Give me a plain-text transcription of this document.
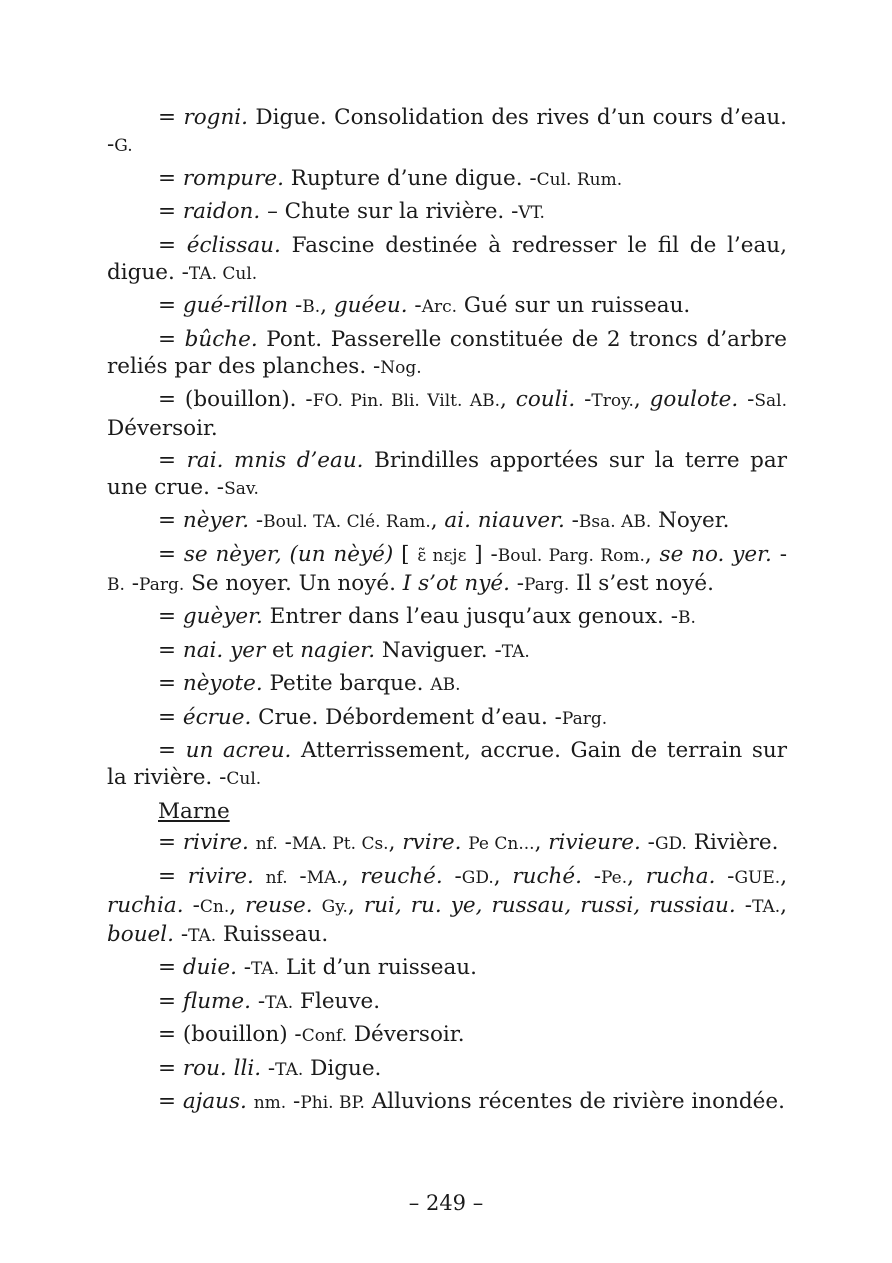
= rogni. Digue. Consolidation des rives d’un cours d’eau. -G.

= rompure. Rupture d’une digue. -Cul. Rum.

= raidon. – Chute sur la rivière. -VT.

= éclissau. Fascine destinée à redresser le fil de l’eau, digue. -TA. Cul.

= gué-rillon -B., guéeu. -Arc. Gué sur un ruisseau.

= bûche. Pont. Passerelle constituée de 2 troncs d’arbre reliés par des planches. -Nog.

= (bouillon). -FO. Pin. Bli. Vilt. AB., couli. -Troy., goulote. -Sal. Déversoir.

= rai. mnis d’eau. Brindilles apportées sur la terre par une crue. -Sav.

= nèyer. -Boul. TA. Clé. Ram., ai. niauver. -Bsa. AB. Noyer.

= se nèyer, (un nèyé) [ ɛ̃ nɛjɛ ] -Boul. Parg. Rom., se no. yer. -B. -Parg. Se noyer. Un noyé. I s’ot nyé. -Parg. Il s’est noyé.

= guèyer. Entrer dans l’eau jusqu’aux genoux. -B.

= nai. yer et nagier. Naviguer. -TA.

= nèyote. Petite barque. AB.

= écrue. Crue. Débordement d’eau. -Parg.

= un acreu. Atterrissement, accrue. Gain de terrain sur la rivière. -Cul.

Marne

= rivire. nf. -MA. Pt. Cs., rvire. Pe Cn..., rivieure. -GD. Rivière.

= rivire. nf. -MA., reuché. -GD., ruché. -Pe., rucha. -GUE., ruchia. -Cn., reuse. Gy., rui, ru. ye, russau, russi, russiau. -TA., bouel. -TA. Ruisseau.

= duie. -TA. Lit d’un ruisseau.

= flume. -TA. Fleuve.

= (bouillon) -Conf. Déversoir.

= rou. lli. -TA. Digue.

= ajaus. nm. -Phi. BP. Alluvions récentes de rivière inondée.

– 249 –
